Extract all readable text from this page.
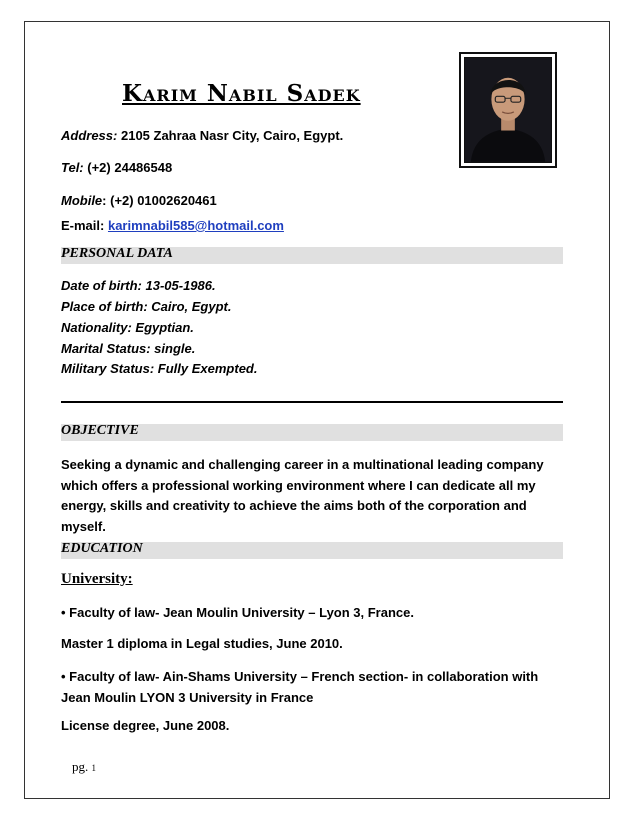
Karim Nabil Sadek
Address: 2105 Zahraa Nasr City, Cairo, Egypt.
Tel: (+2) 24486548
Mobile: (+2) 01002620461
E-mail: karimnabil585@hotmail.com
PERSONAL DATA
Date of birth: 13-05-1986.
Place of birth: Cairo, Egypt.
Nationality: Egyptian.
Marital Status: single.
Military Status: Fully Exempted.
OBJECTIVE
Seeking a dynamic and challenging career in a multinational leading company which offers a professional working environment where I can dedicate all my energy, skills and creativity to achieve the aims both of the corporation and myself.
EDUCATION
University:
• Faculty of law- Jean Moulin University – Lyon 3, France.
Master 1 diploma in Legal studies, June 2010.
• Faculty of law- Ain-Shams University – French section- in collaboration with Jean Moulin LYON 3 University in France
License degree, June 2008.
pg. 1
